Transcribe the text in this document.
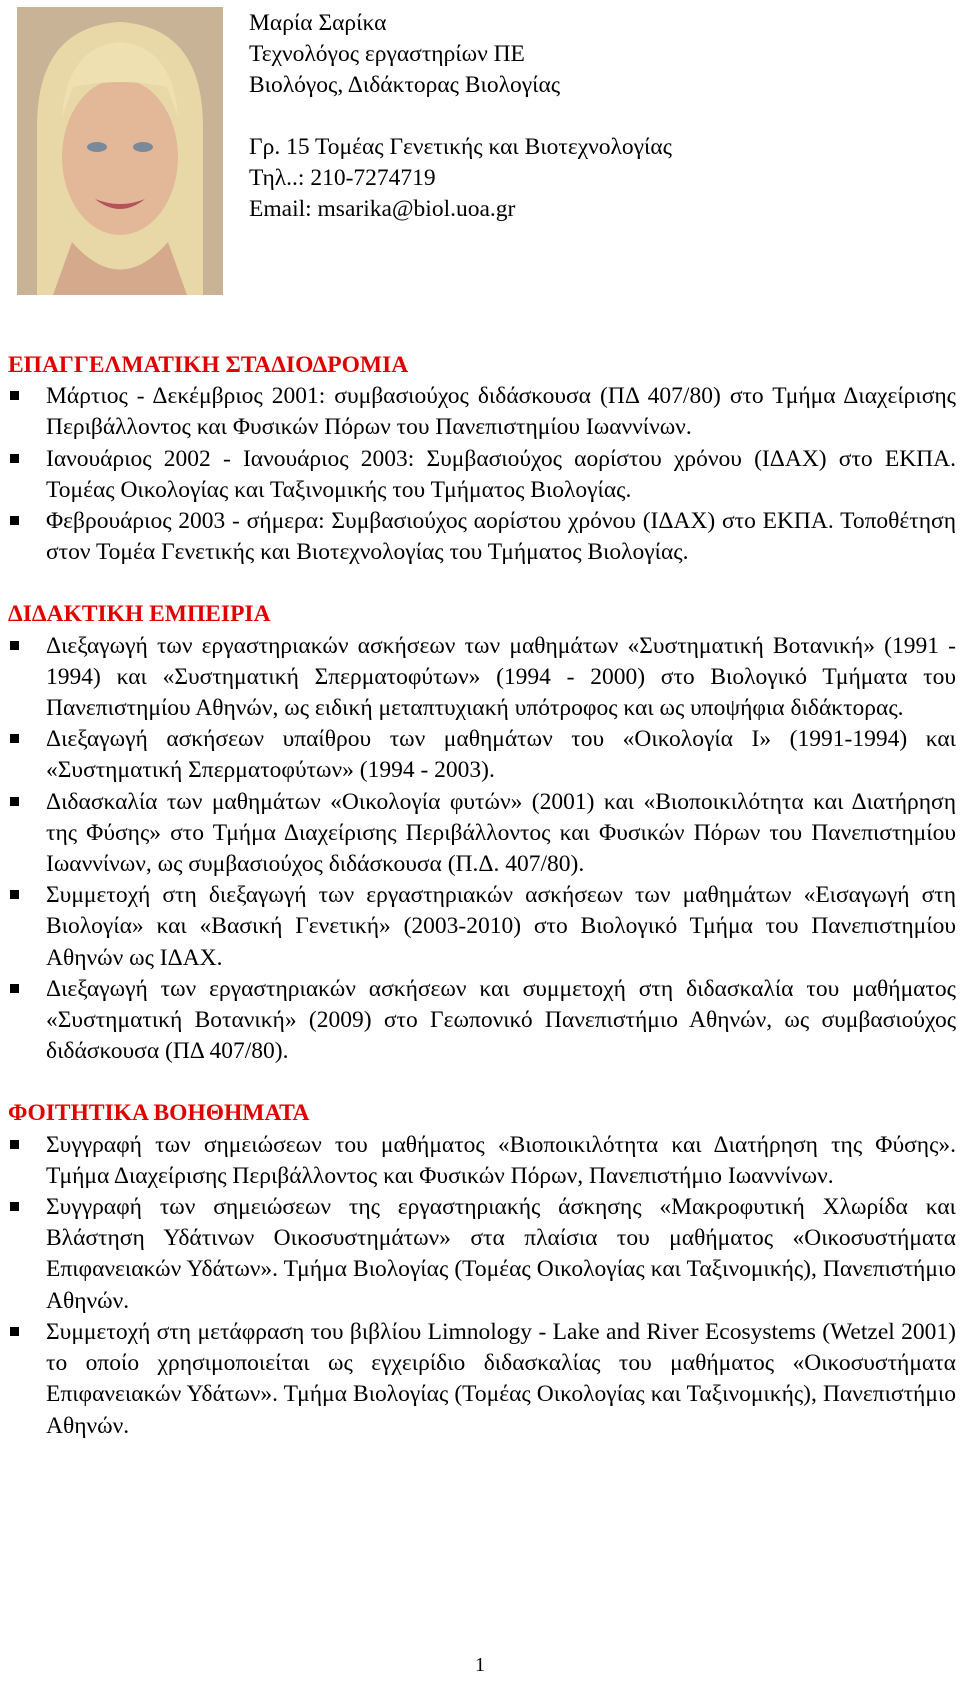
Μαρία Σαρίκα
Τεχνολόγος εργαστηρίων ΠΕ
Βιολόγος, Διδάκτορας Βιολογίας
Γρ. 15 Τομέας Γενετικής και Βιοτεχνολογίας
Τηλ..: 210-7274719
Email: msarika@biol.uoa.gr
ΕΠΑΓΓΕΛΜΑΤΙΚΗ ΣΤΑΔΙΟΔΡΟΜΙΑ
Μάρτιος - Δεκέμβριος 2001: συμβασιούχος διδάσκουσα (ΠΔ 407/80) στο Τμήμα Διαχείρισης Περιβάλλοντος και Φυσικών Πόρων του Πανεπιστημίου Ιωαννίνων.
Ιανουάριος 2002 - Ιανουάριος 2003: Συμβασιούχος αορίστου χρόνου (ΙΔΑΧ) στο ΕΚΠΑ. Τομέας Οικολογίας και Ταξινομικής του Τμήματος Βιολογίας.
Φεβρουάριος 2003 - σήμερα: Συμβασιούχος αορίστου χρόνου (ΙΔΑΧ) στο ΕΚΠΑ. Τοποθέτηση στον Τομέα Γενετικής και Βιοτεχνολογίας του Τμήματος Βιολογίας.
ΔΙΔΑΚΤΙΚΗ ΕΜΠΕΙΡΙΑ
Διεξαγωγή των εργαστηριακών ασκήσεων των μαθημάτων «Συστηματική Βοτανική» (1991 - 1994) και «Συστηματική Σπερματοφύτων» (1994 - 2000) στο Βιολογικό Τμήματα του Πανεπιστημίου Αθηνών, ως ειδική μεταπτυχιακή υπότροφος και ως υποψήφια διδάκτορας.
Διεξαγωγή ασκήσεων υπαίθρου των μαθημάτων του «Οικολογία Ι» (1991-1994) και «Συστηματική Σπερματοφύτων» (1994 - 2003).
Διδασκαλία των μαθημάτων «Οικολογία φυτών» (2001) και «Βιοποικιλότητα και Διατήρηση της Φύσης» στο Τμήμα Διαχείρισης Περιβάλλοντος και Φυσικών Πόρων του Πανεπιστημίου Ιωαννίνων, ως συμβασιούχος διδάσκουσα (Π.Δ. 407/80).
Συμμετοχή στη διεξαγωγή των εργαστηριακών ασκήσεων των μαθημάτων «Εισαγωγή στη Βιολογία» και «Βασική Γενετική» (2003-2010) στο Βιολογικό Τμήμα του Πανεπιστημίου Αθηνών ως ΙΔΑΧ.
Διεξαγωγή των εργαστηριακών ασκήσεων και συμμετοχή στη διδασκαλία του μαθήματος «Συστηματική Βοτανική» (2009) στο Γεωπονικό Πανεπιστήμιο Αθηνών, ως συμβασιούχος διδάσκουσα (ΠΔ 407/80).
ΦΟΙΤΗΤΙΚΑ ΒΟΗΘΗΜΑΤΑ
Συγγραφή των σημειώσεων του μαθήματος «Βιοποικιλότητα και Διατήρηση της Φύσης». Τμήμα Διαχείρισης Περιβάλλοντος και Φυσικών Πόρων, Πανεπιστήμιο Ιωαννίνων.
Συγγραφή των σημειώσεων της εργαστηριακής άσκησης «Μακροφυτική Χλωρίδα και Βλάστηση Υδάτινων Οικοσυστημάτων» στα πλαίσια του μαθήματος «Οικοσυστήματα Επιφανειακών Υδάτων». Τμήμα Βιολογίας (Τομέας Οικολογίας και Ταξινομικής), Πανεπιστήμιο Αθηνών.
Συμμετοχή στη μετάφραση του βιβλίου Limnology - Lake and River Ecosystems (Wetzel 2001) το οποίο χρησιμοποιείται ως εγχειρίδιο διδασκαλίας του μαθήματος «Οικοσυστήματα Επιφανειακών Υδάτων». Τμήμα Βιολογίας (Τομέας Οικολογίας και Ταξινομικής), Πανεπιστήμιο Αθηνών.
1
